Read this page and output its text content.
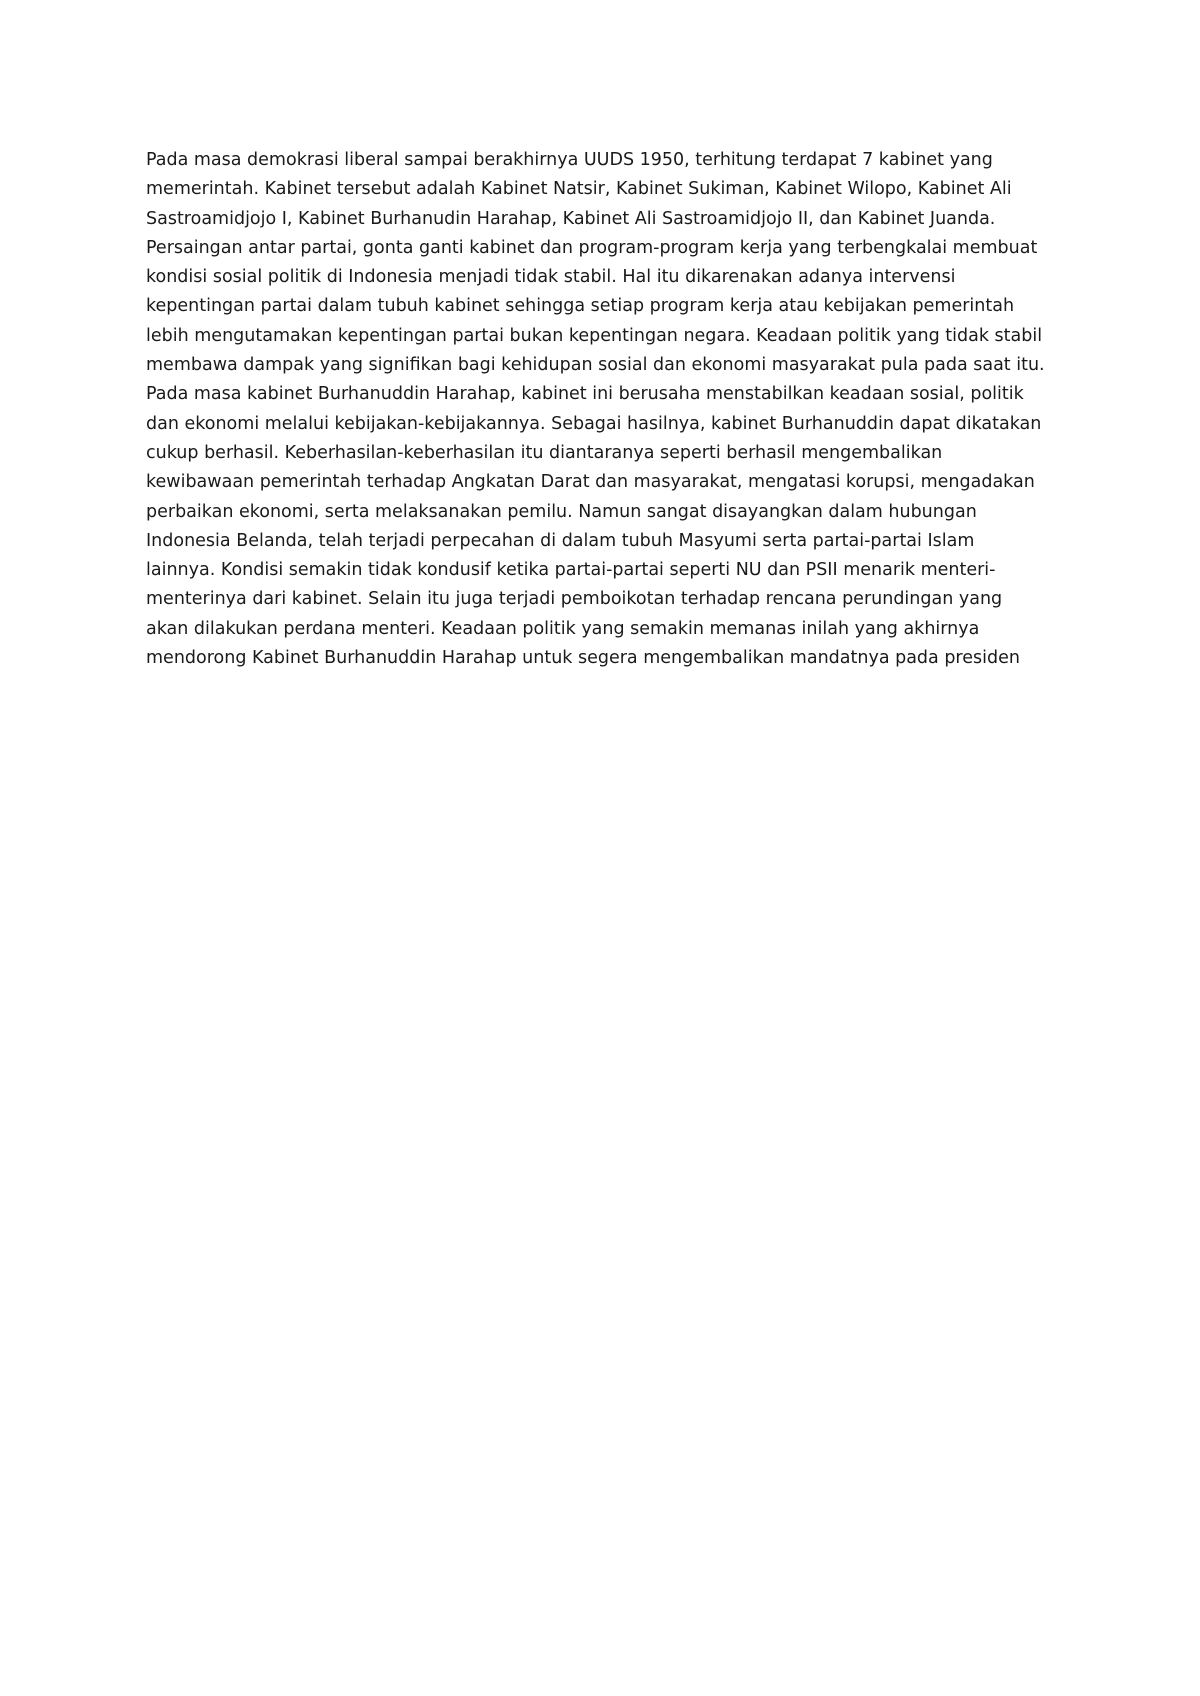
Pada masa demokrasi liberal sampai berakhirnya UUDS 1950, terhitung terdapat 7 kabinet yang
memerintah. Kabinet tersebut adalah Kabinet Natsir, Kabinet Sukiman, Kabinet Wilopo, Kabinet Ali
Sastroamidjojo I, Kabinet Burhanudin Harahap, Kabinet Ali Sastroamidjojo II, dan Kabinet Juanda.
Persaingan antar partai, gonta ganti kabinet dan program-program kerja yang terbengkalai membuat
kondisi sosial politik di Indonesia menjadi tidak stabil. Hal itu dikarenakan adanya intervensi
kepentingan partai dalam tubuh kabinet sehingga setiap program kerja atau kebijakan pemerintah
lebih mengutamakan kepentingan partai bukan kepentingan negara. Keadaan politik yang tidak stabil
membawa dampak yang signifikan bagi kehidupan sosial dan ekonomi masyarakat pula pada saat itu.
Pada masa kabinet Burhanuddin Harahap, kabinet ini berusaha menstabilkan keadaan sosial, politik
dan ekonomi melalui kebijakan-kebijakannya. Sebagai hasilnya, kabinet Burhanuddin dapat dikatakan
cukup berhasil. Keberhasilan-keberhasilan itu diantaranya seperti berhasil mengembalikan
kewibawaan pemerintah terhadap Angkatan Darat dan masyarakat, mengatasi korupsi, mengadakan
perbaikan ekonomi, serta melaksanakan pemilu. Namun sangat disayangkan dalam hubungan
Indonesia Belanda, telah terjadi perpecahan di dalam tubuh Masyumi serta partai-partai Islam
lainnya. Kondisi semakin tidak kondusif ketika partai-partai seperti NU dan PSII menarik menteri-
menterinya dari kabinet. Selain itu juga terjadi pemboikotan terhadap rencana perundingan yang
akan dilakukan perdana menteri. Keadaan politik yang semakin memanas inilah yang akhirnya
mendorong Kabinet Burhanuddin Harahap untuk segera mengembalikan mandatnya pada presiden
